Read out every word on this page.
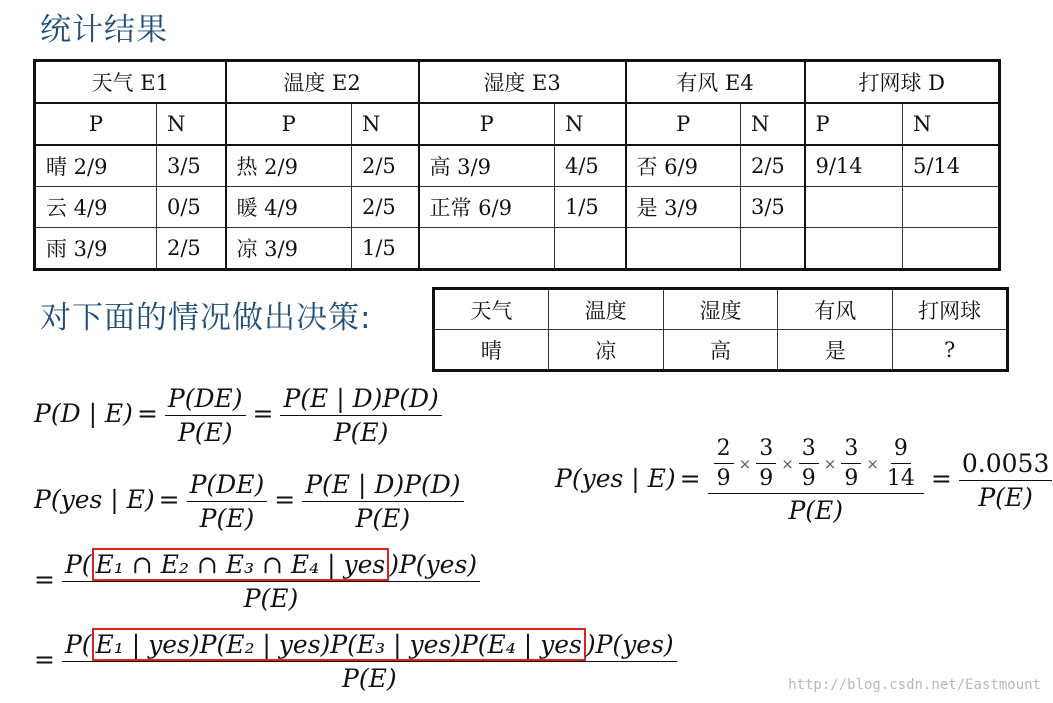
统计结果
天气 E1		温度 E2		湿度 E3		有风 E4		打网球 D	
P	N	P	N	P	N	P	N	P	N
晴 2/9	3/5	热 2/9	2/5	高 3/9	4/5	否 6/9	2/5	9/14	5/14
云 4/9	0/5	暖 4/9	2/5	正常 6/9	1/5	是 3/9	3/5		
雨 3/9	2/5	凉 3/9	1/5						
对下面的情况做出决策:	天气	温度	湿度	有风	打网球
晴	凉	高	是	?
P(D | $E) = \frac{P(DE)}{P(E)} = \frac{P(E | D)P(D)}{P(E)}$
P(yes | $E) = \frac{P(DE)}{P(E)} = \frac{P(E | D)P(D)}{P(E)}$
= $\frac{\text{P( E₁ ∩ E₂ ∩ E₃ ∩ E₄ | yes )P(yes)}}{P(E)}$
= $\frac{\text{P( E₁ | yes)P(E₂ | yes)P(E₃ | yes)P(E₄ | yes )P(yes)}}{P(E)}$
P(yes | $E) = \frac{\frac{2}{9} \times \frac{3}{9} \times \frac{3}{9} \times \frac{3}{9} \times \frac{9}{14}}{P(E)} = \frac{0.0053}{P(E)}$
http://blog.csdn.net/Eastmount
